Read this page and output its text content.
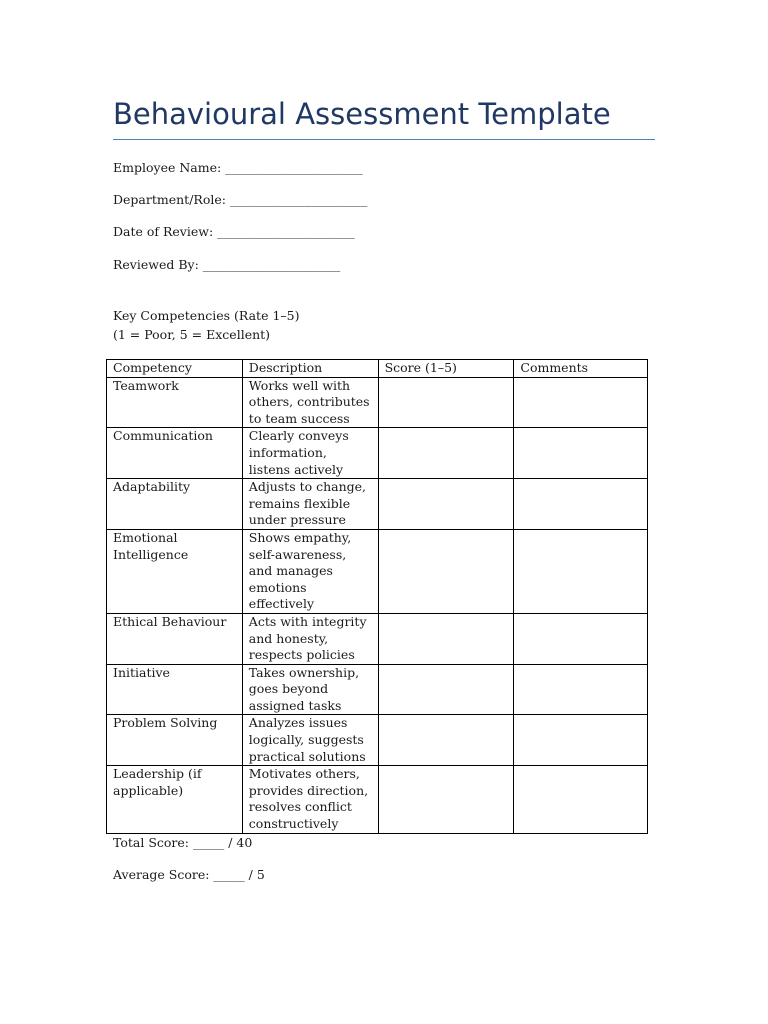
Behavioural Assessment Template
Employee Name: ______________________
Department/Role: ______________________
Date of Review: ______________________
Reviewed By: ______________________
Key Competencies (Rate 1–5)
(1 = Poor, 5 = Excellent)
Competency	Description	Score (1–5)	Comments
Teamwork	Works well with others, contributes to team success		
Communication	Clearly conveys information, listens actively		
Adaptability	Adjusts to change, remains flexible under pressure		
Emotional Intelligence	Shows empathy, self-awareness, and manages emotions effectively		
Ethical Behaviour	Acts with integrity and honesty, respects policies		
Initiative	Takes ownership, goes beyond assigned tasks		
Problem Solving	Analyzes issues logically, suggests practical solutions		
Leadership (if applicable)	Motivates others, provides direction, resolves conflict constructively		
Total Score: _____ / 40
Average Score: _____ / 5
